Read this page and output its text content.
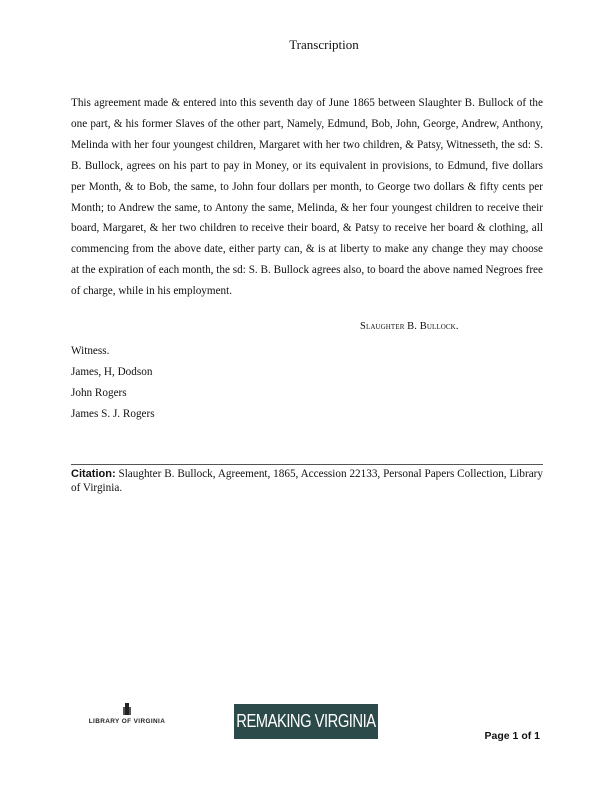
Transcription

This agreement made & entered into this seventh day of June 1865 between Slaughter B. Bullock of the one part, & his former Slaves of the other part, Namely, Edmund, Bob, John, George, Andrew, Anthony, Melinda with her four youngest children, Margaret with her two children, & Patsy, Witnesseth, the sd: S. B. Bullock, agrees on his part to pay in Money, or its equivalent in provisions, to Edmund, five dollars per Month, & to Bob, the same, to John four dollars per month, to George two dollars & fifty cents per Month; to Andrew the same, to Antony the same, Melinda, & her four youngest children to receive their board, Margaret, & her two children to receive their board, & Patsy to receive her board & clothing, all commencing from the above date, either party can, & is at liberty to make any change they may choose at the expiration of each month, the sd: S. B. Bullock agrees also, to board the above named Negroes free of charge, while in his employment.

Slaughter B. Bullock.
Witness.
James, H, Dodson
John Rogers
James S. J. Rogers
Citation: Slaughter B. Bullock, Agreement, 1865, Accession 22133, Personal Papers Collection, Library of Virginia.
LIBRARY OF VIRGINIA	REMAKING VIRGINIA
Page 1 of 1
